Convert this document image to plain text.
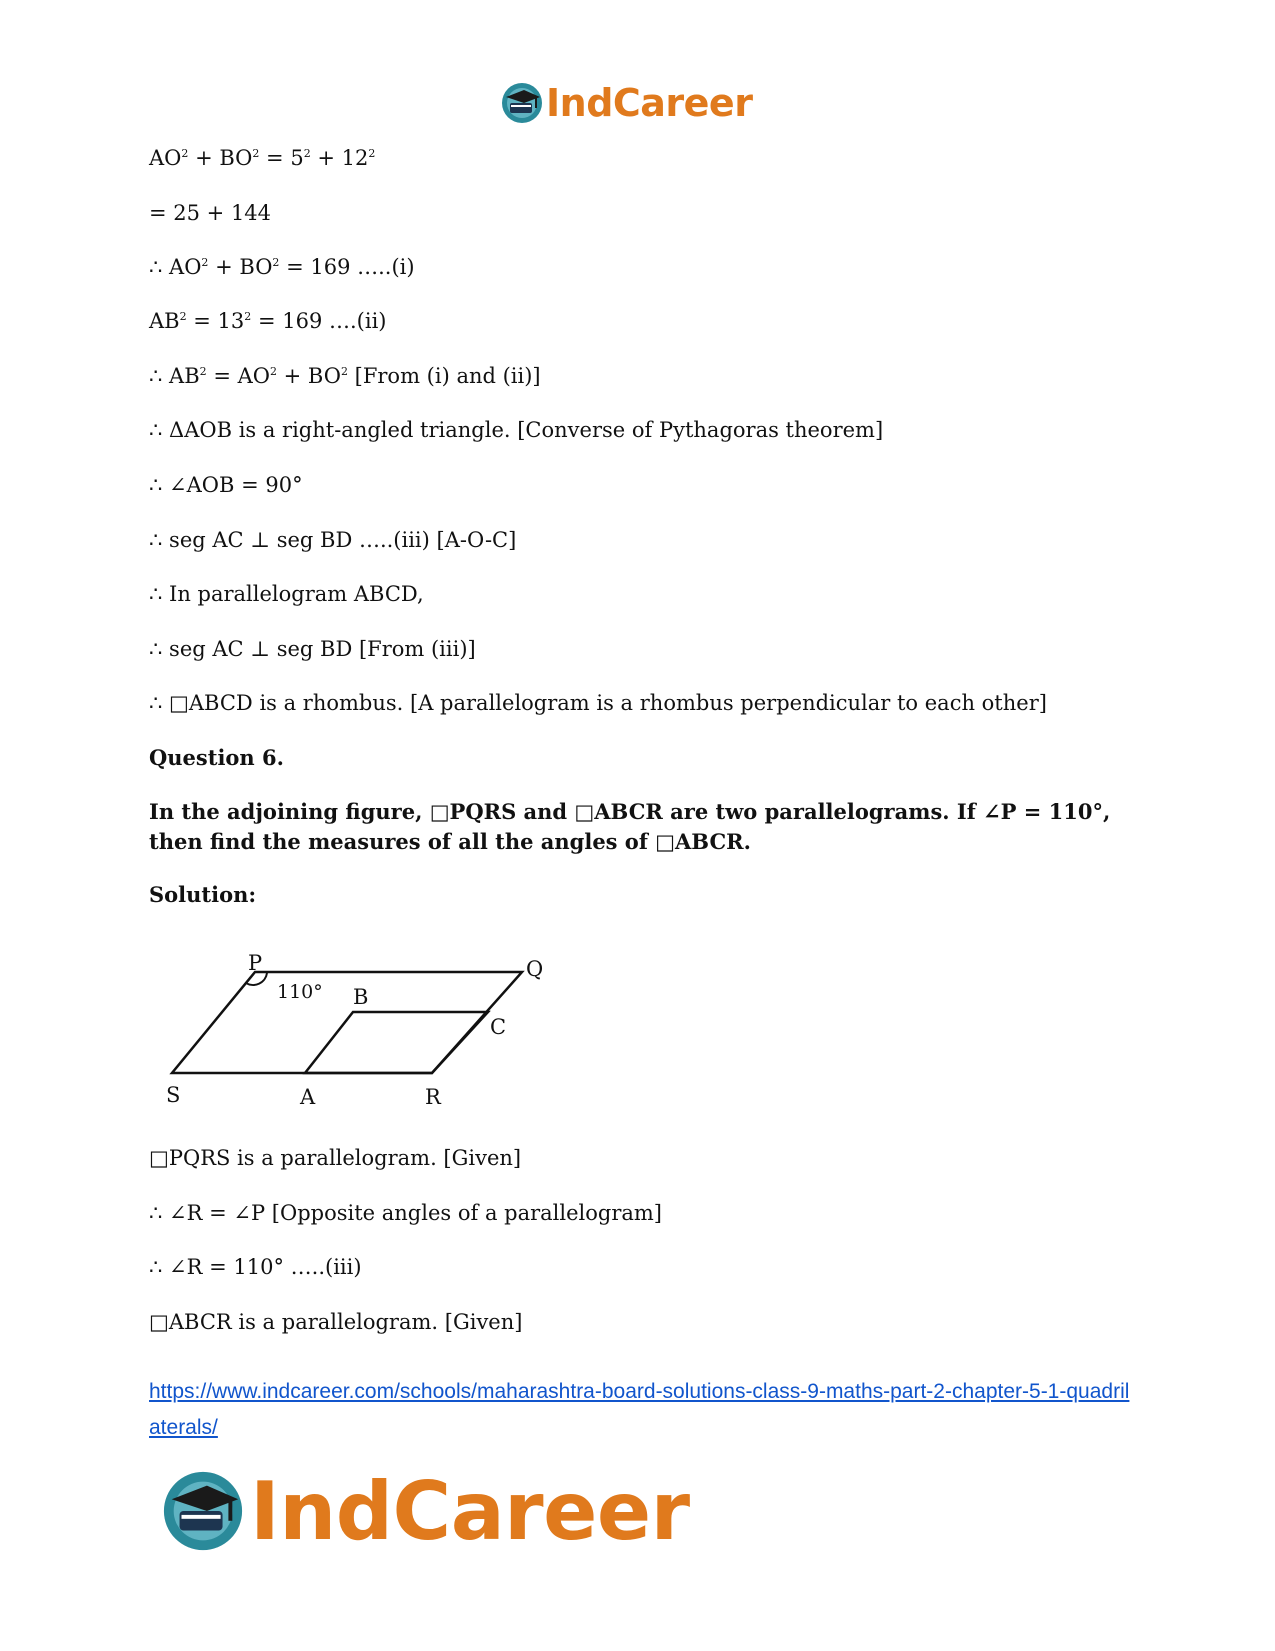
IndCareer
$AO^2 + BO^2 = 5^2 + 12^2$
= 25 + 144
∴ $AO^2 + BO^2 = 169$ …..(i)
$AB^2 = 13^2 = 169$ ….(ii)
∴ $AB^2 = AO^2 + BO^2$ [From (i) and (ii)]
∴ ΔAOB is a right-angled triangle. [Converse of Pythagoras theorem]
∴ ∠AOB = 90°
∴ seg AC ⊥ seg BD …..(iii) [A-O-C]
∴ In parallelogram ABCD,
∴ seg AC ⊥ seg BD [From (iii)]
∴ □ABCD is a rhombus. [A parallelogram is a rhombus perpendicular to each other]
Question 6.
In the adjoining figure, □PQRS and □ABCR are two parallelograms. If ∠P = 110°, then find the measures of all the angles of □ABCR.
Solution:
□PQRS is a parallelogram. [Given]
∴ ∠R = ∠P [Opposite angles of a parallelogram]
∴ ∠R = 110° …..(iii)
□ABCR is a parallelogram. [Given]
P	Q
B
C
S	A	R
110°
https://www.indcareer.com/schools/maharashtra-board-solutions-class-9-maths-part-2-chapter-5-1-quadrilaterals/
IndCareer
